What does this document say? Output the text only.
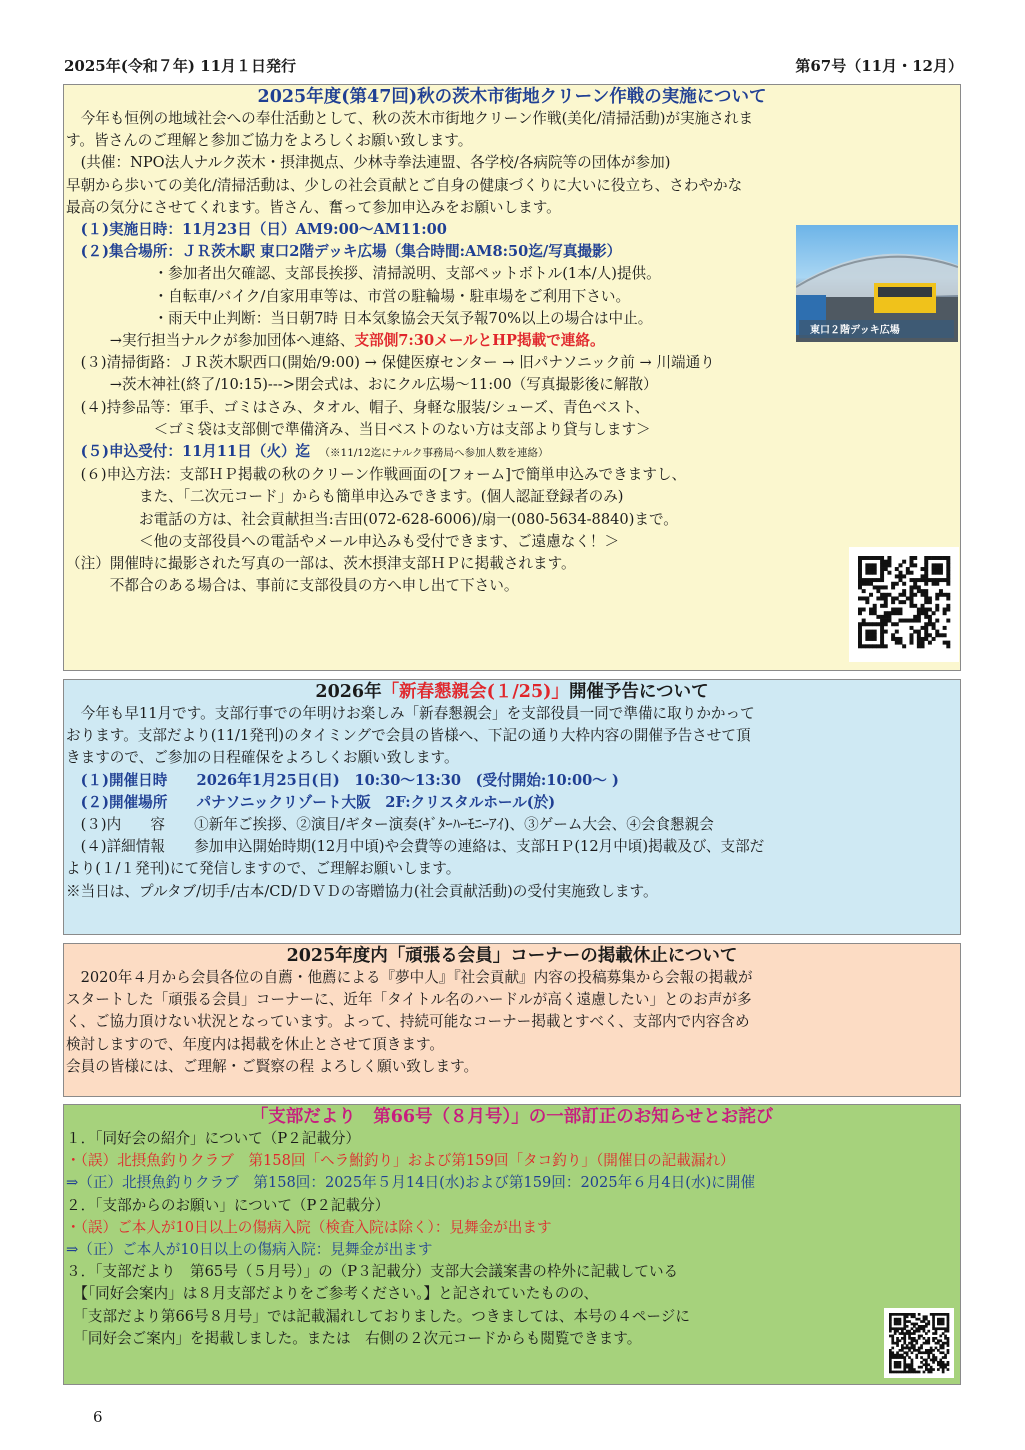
2025年(令和７年) 11月１日発行	第67号（11月・12月）
2025年度(第47回)秋の茨木市街地クリーン作戦の実施について
　今年も恒例の地域社会への奉仕活動として、秋の茨木市街地クリーン作戦(美化/清掃活動)が実施されま
す。皆さんのご理解と参加ご協力をよろしくお願い致します。
　(共催：NPO法人ナルク茨木・摂津拠点、少林寺拳法連盟、各学校/各病院等の団体が参加)
早朝から歩いての美化/清掃活動は、少しの社会貢献とご自身の健康づくりに大いに役立ち、さわやかな
最高の気分にさせてくれます。皆さん、奮って参加申込みをお願いします。
　(１)実施日時：11月23日（日）AM9:00～AM11:00
　(２)集合場所：ＪＲ茨木駅 東口2階デッキ広場（集合時間:AM8:50迄/写真撮影）
　　　　　　・参加者出欠確認、支部長挨拶、清掃説明、支部ペットボトル(1本/人)提供。
　　　　　　・自転車/バイク/自家用車等は、市営の駐輪場・駐車場をご利用下さい。
　　　　　　・雨天中止判断：当日朝7時 日本気象協会天気予報70%以上の場合は中止。
　　　→実行担当ナルクが参加団体へ連絡、支部側7:30メールとHP掲載で連絡。
　(３)清掃街路：ＪＲ茨木駅西口(開始/9:00) → 保健医療センター → 旧パナソニック前 → 川端通り
　　　→茨木神社(終了/10:15)--->閉会式は、おにクル広場～11:00（写真撮影後に解散）
　(４)持参品等：軍手、ゴミはさみ、タオル、帽子、身軽な服装/シューズ、青色ベスト、
　　　　　　＜ゴミ袋は支部側で準備済み、当日ベストのない方は支部より貸与します＞
　(５)申込受付：11月11日（火）迄　 （※11/12迄にナルク事務局へ参加人数を連絡）
　(６)申込方法：支部ＨＰ掲載の秋のクリーン作戦画面の[フォーム]で簡単申込みできますし、
　　　　　また、「二次元コード」からも簡単申込みできます。(個人認証登録者のみ)
　　　　　お電話の方は、社会貢献担当:吉田(072-628-6006)/扇一(080-5634-8840)まで。
　　　　　＜他の支部役員への電話やメール申込みも受付できます、ご遠慮なく！＞
（注）開催時に撮影された写真の一部は、茨木摂津支部ＨＰに掲載されます。
　　　不都合のある場合は、事前に支部役員の方へ申し出て下さい。
東口２階デッキ広場
2026年「新春懇親会(１/25)」開催予告について
　今年も早11月です。支部行事での年明けお楽しみ「新春懇親会」を支部役員一同で準備に取りかかって
おります。支部だより(11/1発刊)のタイミングで会員の皆様へ、下記の通り大枠内容の開催予告させて頂
きますので、ご参加の日程確保をよろしくお願い致します。
　(１)開催日時　　2026年1月25日(日)　10:30～13:30　(受付開始:10:00～ )
　(２)開催場所　　パナソニックリゾート大阪　2F:クリスタルホール(於)
　(３)内　　容　　①新年ご挨拶、②演目/ギター演奏(ｷﾞﾀｰﾊｰﾓﾆｰｱｲ)、③ゲーム大会、④会食懇親会
　(４)詳細情報　　参加申込開始時期(12月中頃)や会費等の連絡は、支部ＨＰ(12月中頃)掲載及び、支部だ
より(１/１発刊)にて発信しますので、ご理解お願いします。
※当日は、プルタブ/切手/古本/CD/ＤＶＤの寄贈協力(社会貢献活動)の受付実施致します。
2025年度内「頑張る会員」コーナーの掲載休止について
　2020年４月から会員各位の自薦・他薦による『夢中人』『社会貢献』内容の投稿募集から会報の掲載が
スタートした「頑張る会員」コーナーに、近年「タイトル名のハードルが高く遠慮したい」とのお声が多
く、ご協力頂けない状況となっています。よって、持続可能なコーナー掲載とすべく、支部内で内容含め
検討しますので、年度内は掲載を休止とさせて頂きます。
会員の皆様には、ご理解・ご賢察の程 よろしく願い致します。
「支部だより　第66号（８月号）」の一部訂正のお知らせとお詫び
１．「同好会の紹介」について（P２記載分）
・（誤）北摂魚釣りクラブ　第158回「ヘラ鮒釣り」および第159回「タコ釣り」（開催日の記載漏れ）
⇒（正）北摂魚釣りクラブ　第158回：2025年５月14日(水)および第159回：2025年６月4日(水)に開催
２．「支部からのお願い」について（P２記載分）
・（誤）ご本人が10日以上の傷病入院（検査入院は除く）：見舞金が出ます
⇒（正）ご本人が10日以上の傷病入院：見舞金が出ます
３．「支部だより　第65号（５月号）」の（P３記載分）支部大会議案書の枠外に記載している
　【「同好会案内」は８月支部だよりをご参考ください。】と記されていたものの、
　「支部だより第66号８月号」では記載漏れしておりました。つきましては、本号の４ページに
　「同好会ご案内」を掲載しました。または　右側の２次元コードからも閲覧できます。
6
